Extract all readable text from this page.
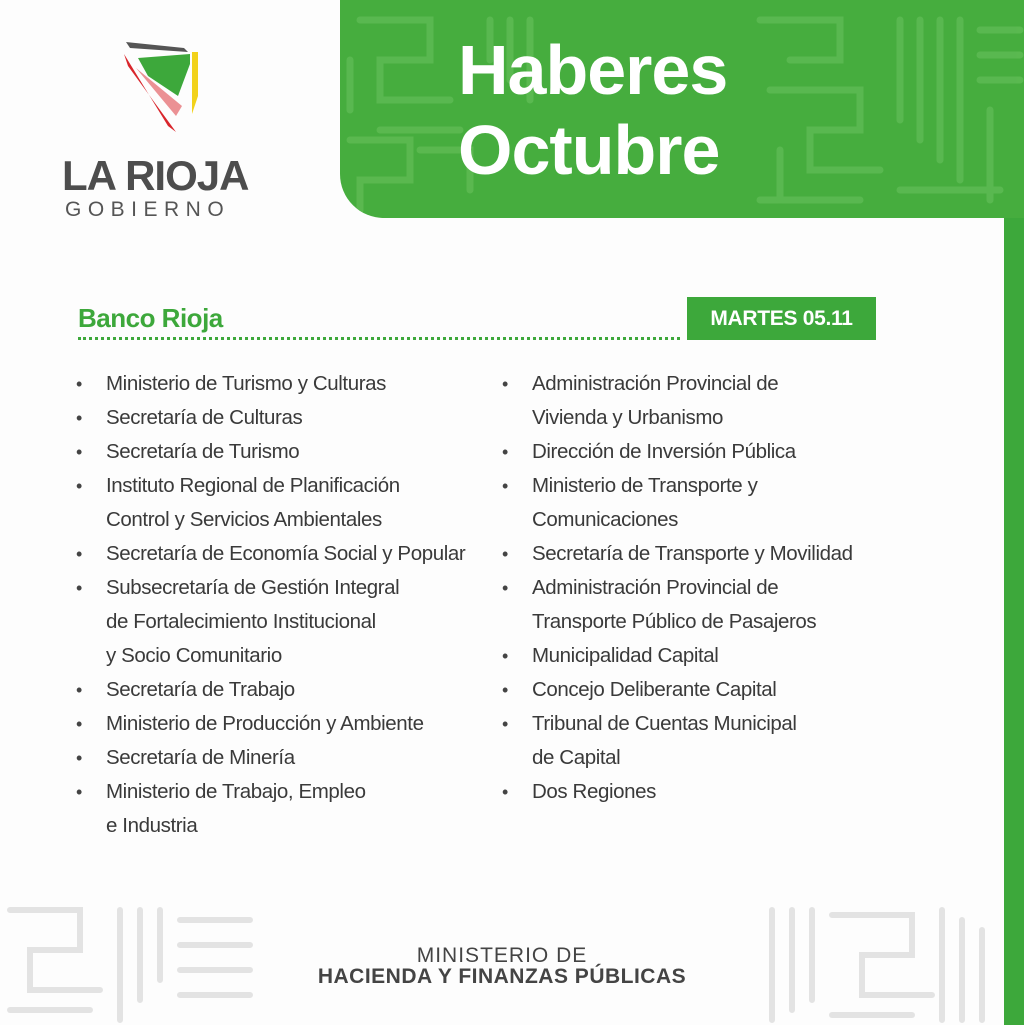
Haberes
Octubre
LA RIOJA
GOBIERNO
Banco Rioja	MARTES 05.11
• Ministerio de Turismo y Culturas
• Secretaría de Culturas
• Secretaría de Turismo
• Instituto Regional de Planificación
Control y Servicios Ambientales
• Secretaría de Economía Social y Popular
• Subsecretaría de Gestión Integral
de Fortalecimiento Institucional
y Socio Comunitario
• Secretaría de Trabajo
• Ministerio de Producción y Ambiente
• Secretaría de Minería
• Ministerio de Trabajo, Empleo
e Industria
• Administración Provincial de
Vivienda y Urbanismo
• Dirección de Inversión Pública
• Ministerio de Transporte y
Comunicaciones
• Secretaría de Transporte y Movilidad
• Administración Provincial de
Transporte Público de Pasajeros
• Municipalidad Capital
• Concejo Deliberante Capital
• Tribunal de Cuentas Municipal
de Capital
• Dos Regiones
MINISTERIO DE
HACIENDA Y FINANZAS PÚBLICAS
